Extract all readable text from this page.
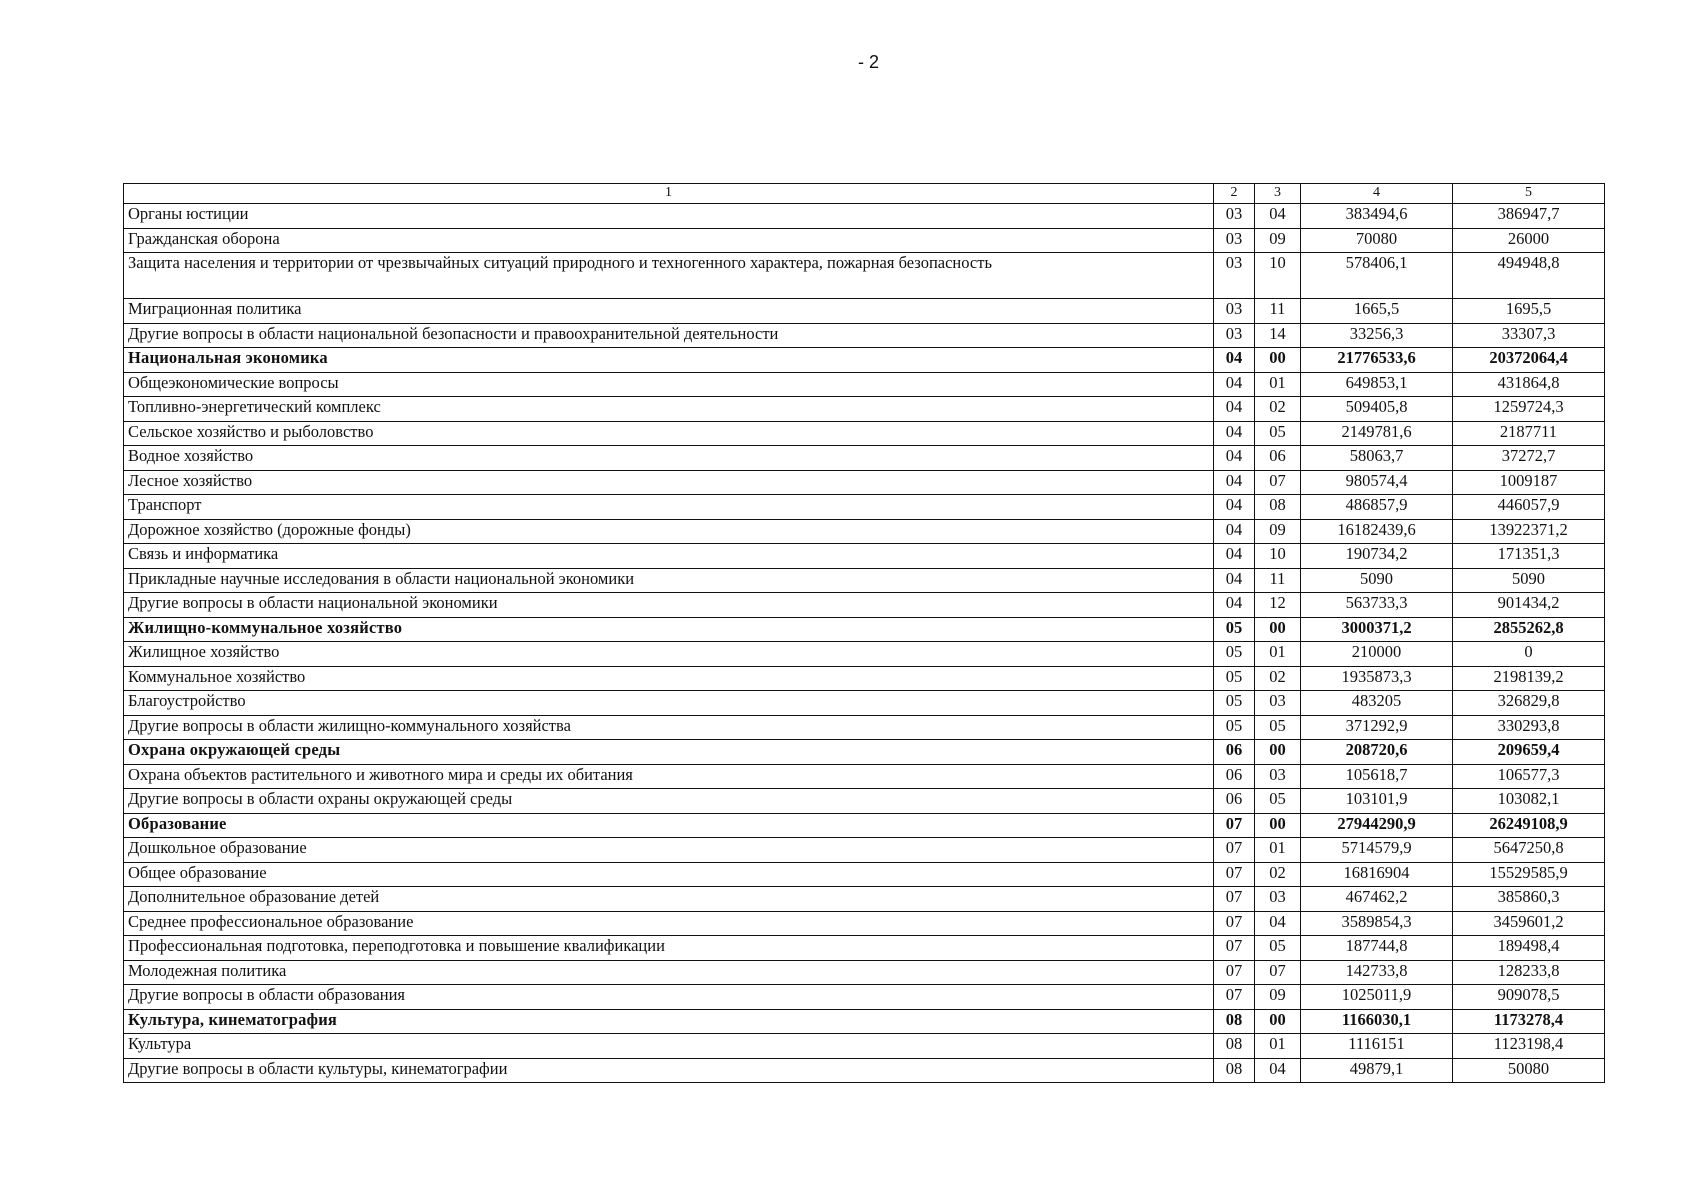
- 2
1	2	3	4	5
Органы юстиции	03	04	383494,6	386947,7
Гражданская оборона	03	09	70080	26000
Защита населения и территории от чрезвычайных ситуаций природного и техногенного характера, пожарная безопасность	03	10	578406,1	494948,8
Миграционная политика	03	11	1665,5	1695,5
Другие вопросы в области национальной безопасности и правоохранительной деятельности	03	14	33256,3	33307,3
Национальная экономика	04	00	21776533,6	20372064,4
Общеэкономические вопросы	04	01	649853,1	431864,8
Топливно-энергетический комплекс	04	02	509405,8	1259724,3
Сельское хозяйство и рыболовство	04	05	2149781,6	2187711
Водное хозяйство	04	06	58063,7	37272,7
Лесное хозяйство	04	07	980574,4	1009187
Транспорт	04	08	486857,9	446057,9
Дорожное хозяйство (дорожные фонды)	04	09	16182439,6	13922371,2
Связь и информатика	04	10	190734,2	171351,3
Прикладные научные исследования в области национальной экономики	04	11	5090	5090
Другие вопросы в области национальной экономики	04	12	563733,3	901434,2
Жилищно-коммунальное хозяйство	05	00	3000371,2	2855262,8
Жилищное хозяйство	05	01	210000	0
Коммунальное хозяйство	05	02	1935873,3	2198139,2
Благоустройство	05	03	483205	326829,8
Другие вопросы в области жилищно-коммунального хозяйства	05	05	371292,9	330293,8
Охрана окружающей среды	06	00	208720,6	209659,4
Охрана объектов растительного и животного мира и среды их обитания	06	03	105618,7	106577,3
Другие вопросы в области охраны окружающей среды	06	05	103101,9	103082,1
Образование	07	00	27944290,9	26249108,9
Дошкольное образование	07	01	5714579,9	5647250,8
Общее образование	07	02	16816904	15529585,9
Дополнительное образование детей	07	03	467462,2	385860,3
Среднее профессиональное образование	07	04	3589854,3	3459601,2
Профессиональная подготовка, переподготовка и повышение квалификации	07	05	187744,8	189498,4
Молодежная политика	07	07	142733,8	128233,8
Другие вопросы в области образования	07	09	1025011,9	909078,5
Культура, кинематография	08	00	1166030,1	1173278,4
Культура	08	01	1116151	1123198,4
Другие вопросы в области культуры, кинематографии	08	04	49879,1	50080
